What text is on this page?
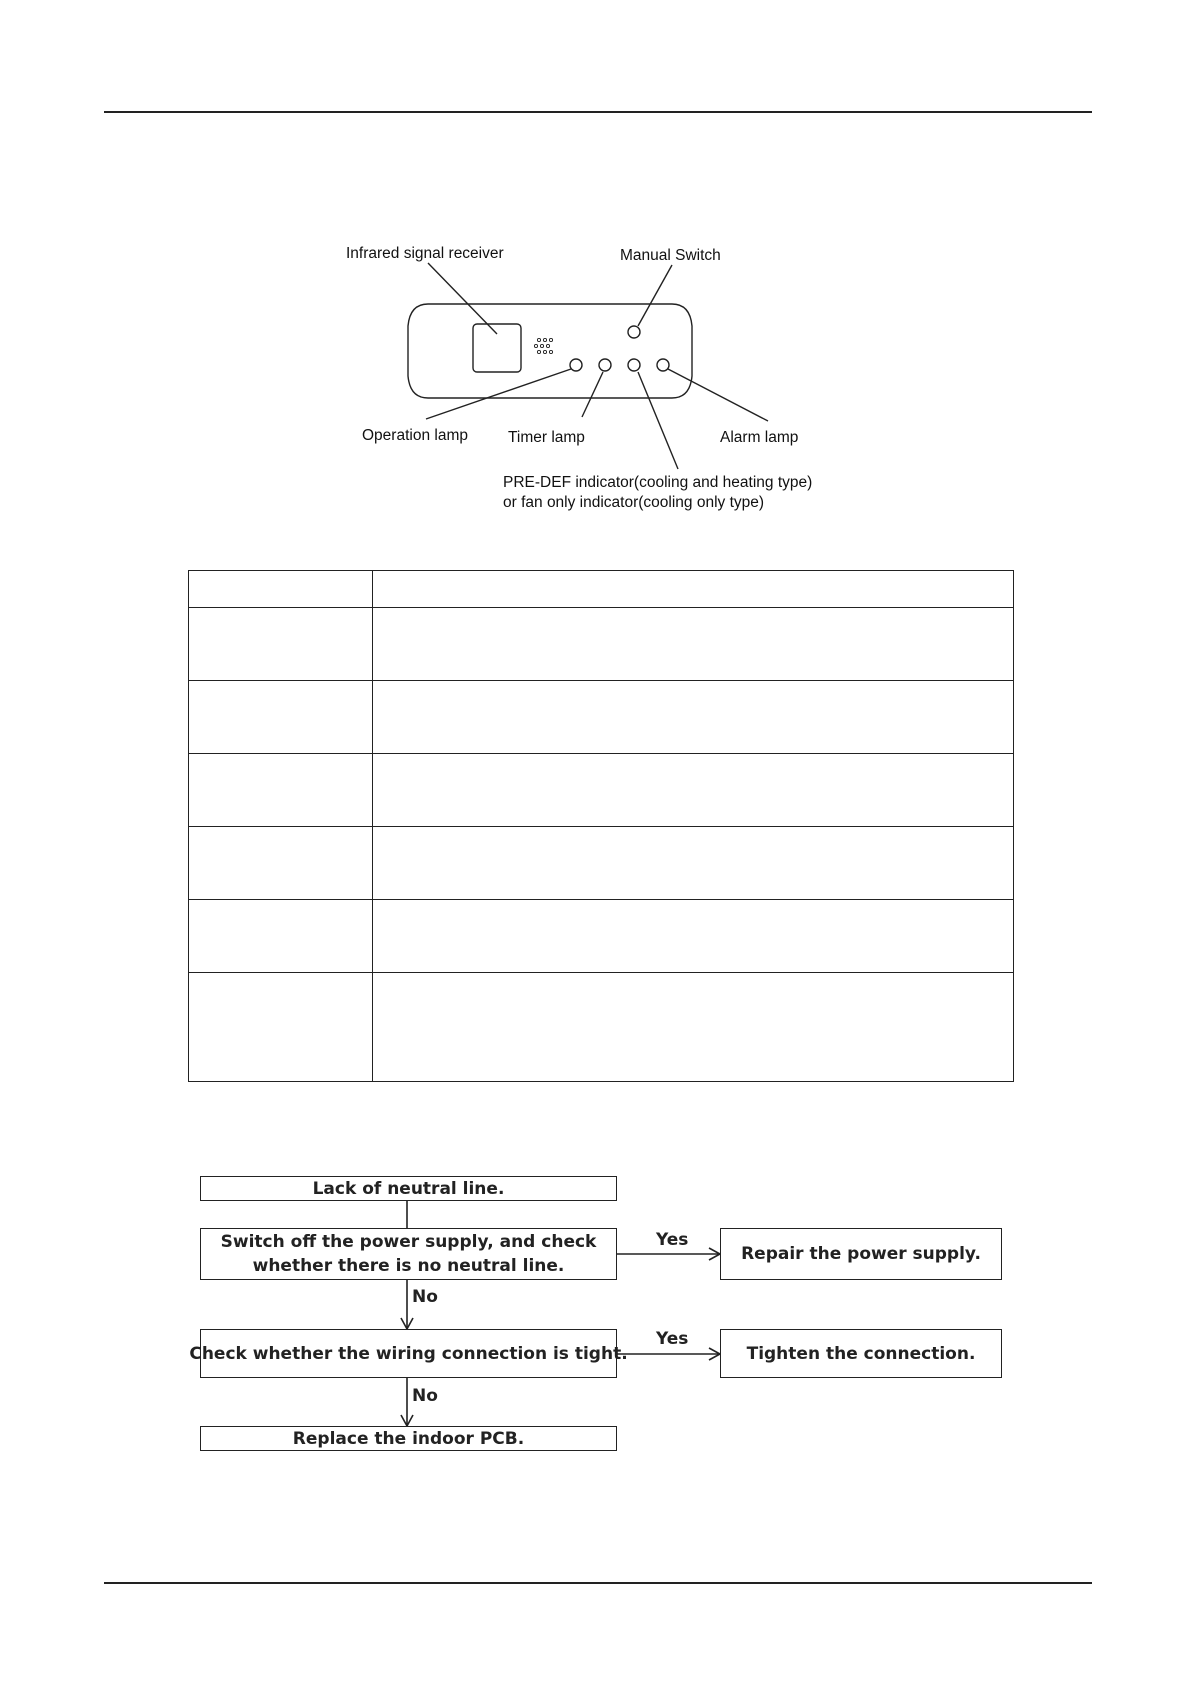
Infrared signal receiver	Manual Switch
Operation lamp	Timer lamp	Alarm lamp
PRE-DEF indicator(cooling and heating type)
or fan only indicator(cooling only type)

Lack of neutral line.
Switch off the power supply, and check
whether there is no neutral line.
Repair the power supply.
Check whether the wiring connection is tight.	Tighten the connection.
Replace the indoor PCB.
Yes
Yes
No
No
